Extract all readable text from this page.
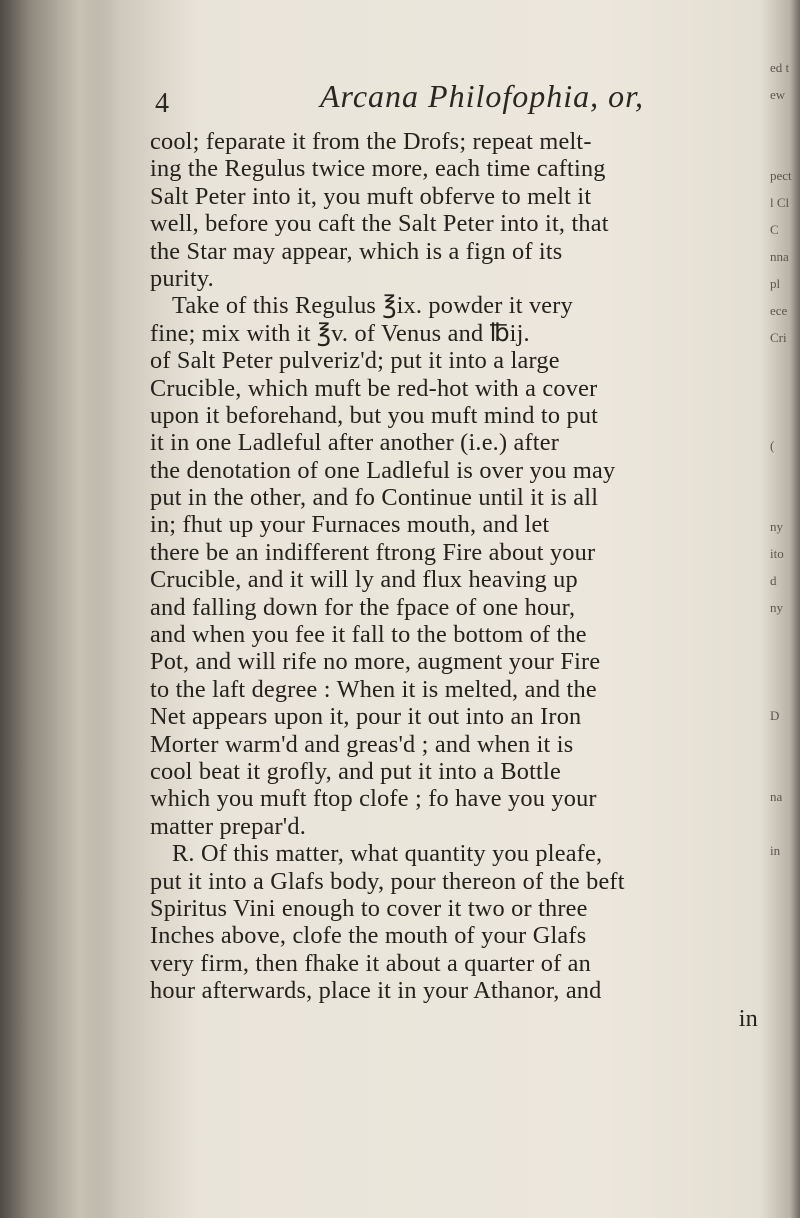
4	Arcana Philofophia, or,
cool; feparate it from the Drofs; repeat melt-
ing the Regulus twice more, each time cafting
Salt Peter into it, you muft obferve to melt it
well, before you caft the Salt Peter into it, that
the Star may appear, which is a fign of its
purity.
Take of this Regulus ℥ix. powder it very
fine; mix with it ℥v. of Venus and ℔ij.
of Salt Peter pulveriz'd; put it into a large
Crucible, which muft be red-hot with a cover
upon it beforehand, but you muft mind to put
it in one Ladleful after another (i.e.) after
the denotation of one Ladleful is over you may
put in the other, and fo Continue until it is all
in; fhut up your Furnaces mouth, and let
there be an indifferent ftrong Fire about your
Crucible, and it will ly and flux heaving up
and falling down for the fpace of one hour,
and when you fee it fall to the bottom of the
Pot, and will rife no more, augment your Fire
to the laft degree : When it is melted, and the
Net appears upon it, pour it out into an Iron
Morter warm'd and greas'd ; and when it is
cool beat it grofly, and put it into a Bottle
which you muft ftop clofe ; fo have you your
matter prepar'd.
R. Of this matter, what quantity you pleafe,
put it into a Glafs body, pour thereon of the beft
Spiritus Vini enough to cover it two or three
Inches above, clofe the mouth of your Glafs
very firm, then fhake it about a quarter of an
hour afterwards, place it in your Athanor, and
in
ed t
ew
pect
l Cl
C
nna
pl
ece
Cri
(
ny
ito
d
ny
D
na
in
